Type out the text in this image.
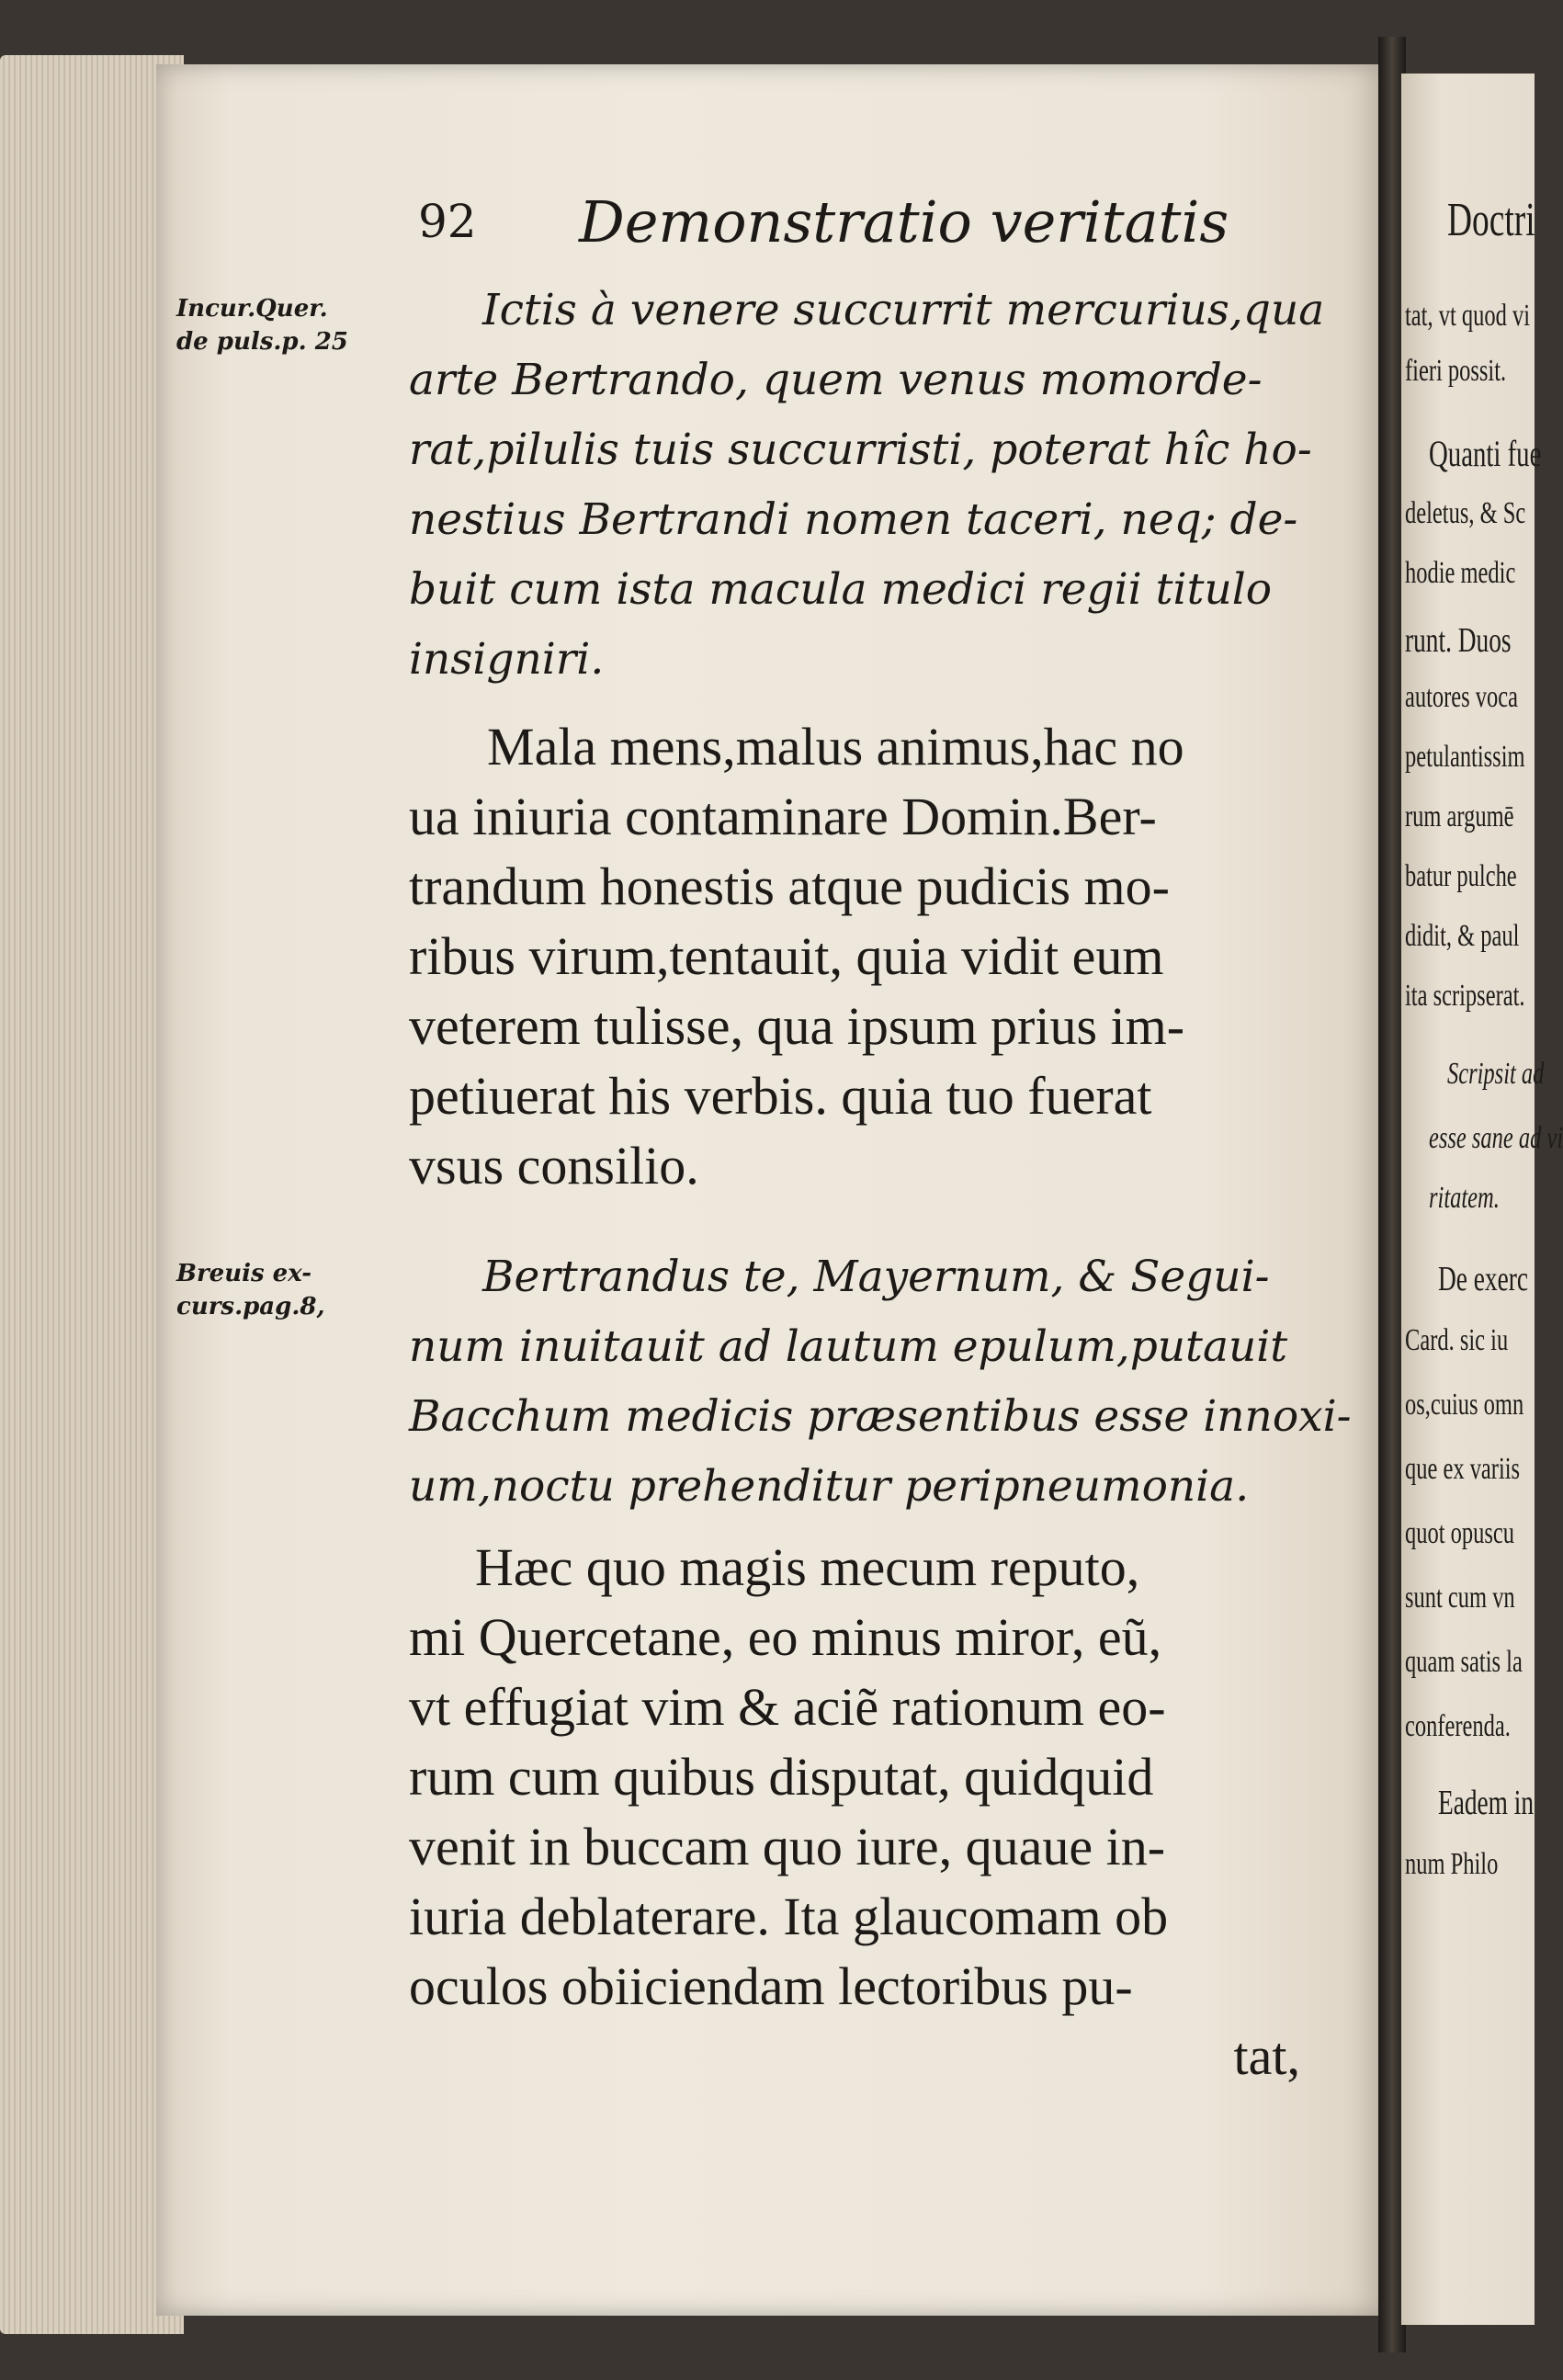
Doctri
tat, vt quod vi
fieri possit.
Quanti fue
deletus, & Sc
hodie medic
runt. Duos
autores voca
petulantissim
rum argumē
batur pulche
didit, & paul
ita scripserat.
Scripsit ad
esse sane ad vi
ritatem.
De exerc
Card. sic iu
os,cuius omn
que ex variis
quot opuscu
sunt cum vn
quam satis la
conferenda.
Eadem in
num Philo
92 Demonstratio veritatis
Incur.Quer.
de puls.p. 25
Breuis ex-
curs.pag.8,
Ictis à venere succurrit mercurius,qua
arte Bertrando, quem venus momorde-
rat,pilulis tuis succurristi, poterat hîc ho-
nestius Bertrandi nomen taceri, neq; de-
buit cum ista macula medici regii titulo
insigniri.
Mala mens,malus animus,hac no
ua iniuria contaminare Domin.Ber-
trandum honestis atque pudicis mo-
ribus virum,tentauit, quia vidit eum
veterem tulisse, qua ipsum prius im-
petiuerat his verbis. quia tuo fuerat
vsus consilio.
Bertrandus te, Mayernum, & Segui-
num inuitauit ad lautum epulum,putauit
Bacchum medicis præsentibus esse innoxi-
um,noctu prehenditur peripneumonia.
Hæc quo magis mecum reputo,
mi Quercetane, eo minus miror, eũ,
vt effugiat vim & aciẽ rationum eo-
rum cum quibus disputat, quidquid
venit in buccam quo iure, quaue in-
iuria deblaterare. Ita glaucomam ob
oculos obiiciendam lectoribus pu-
tat,
